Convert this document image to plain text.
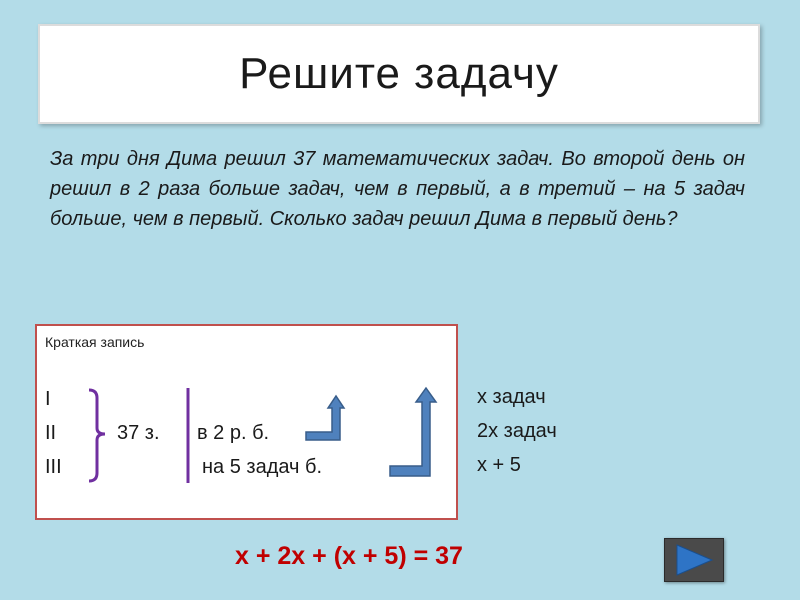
Решите задачу
За три дня Дима решил 37 математических задач. Во второй день он решил в 2 раза больше задач, чем в первый, а в третий – на 5 задач больше, чем в первый. Сколько задач решил Дима в первый день?
Краткая запись
I
II
III
37 з. в 2 р. б.
на 5 задач б.
х задач
2х задач
х + 5
х + 2х + (х + 5) = 37
